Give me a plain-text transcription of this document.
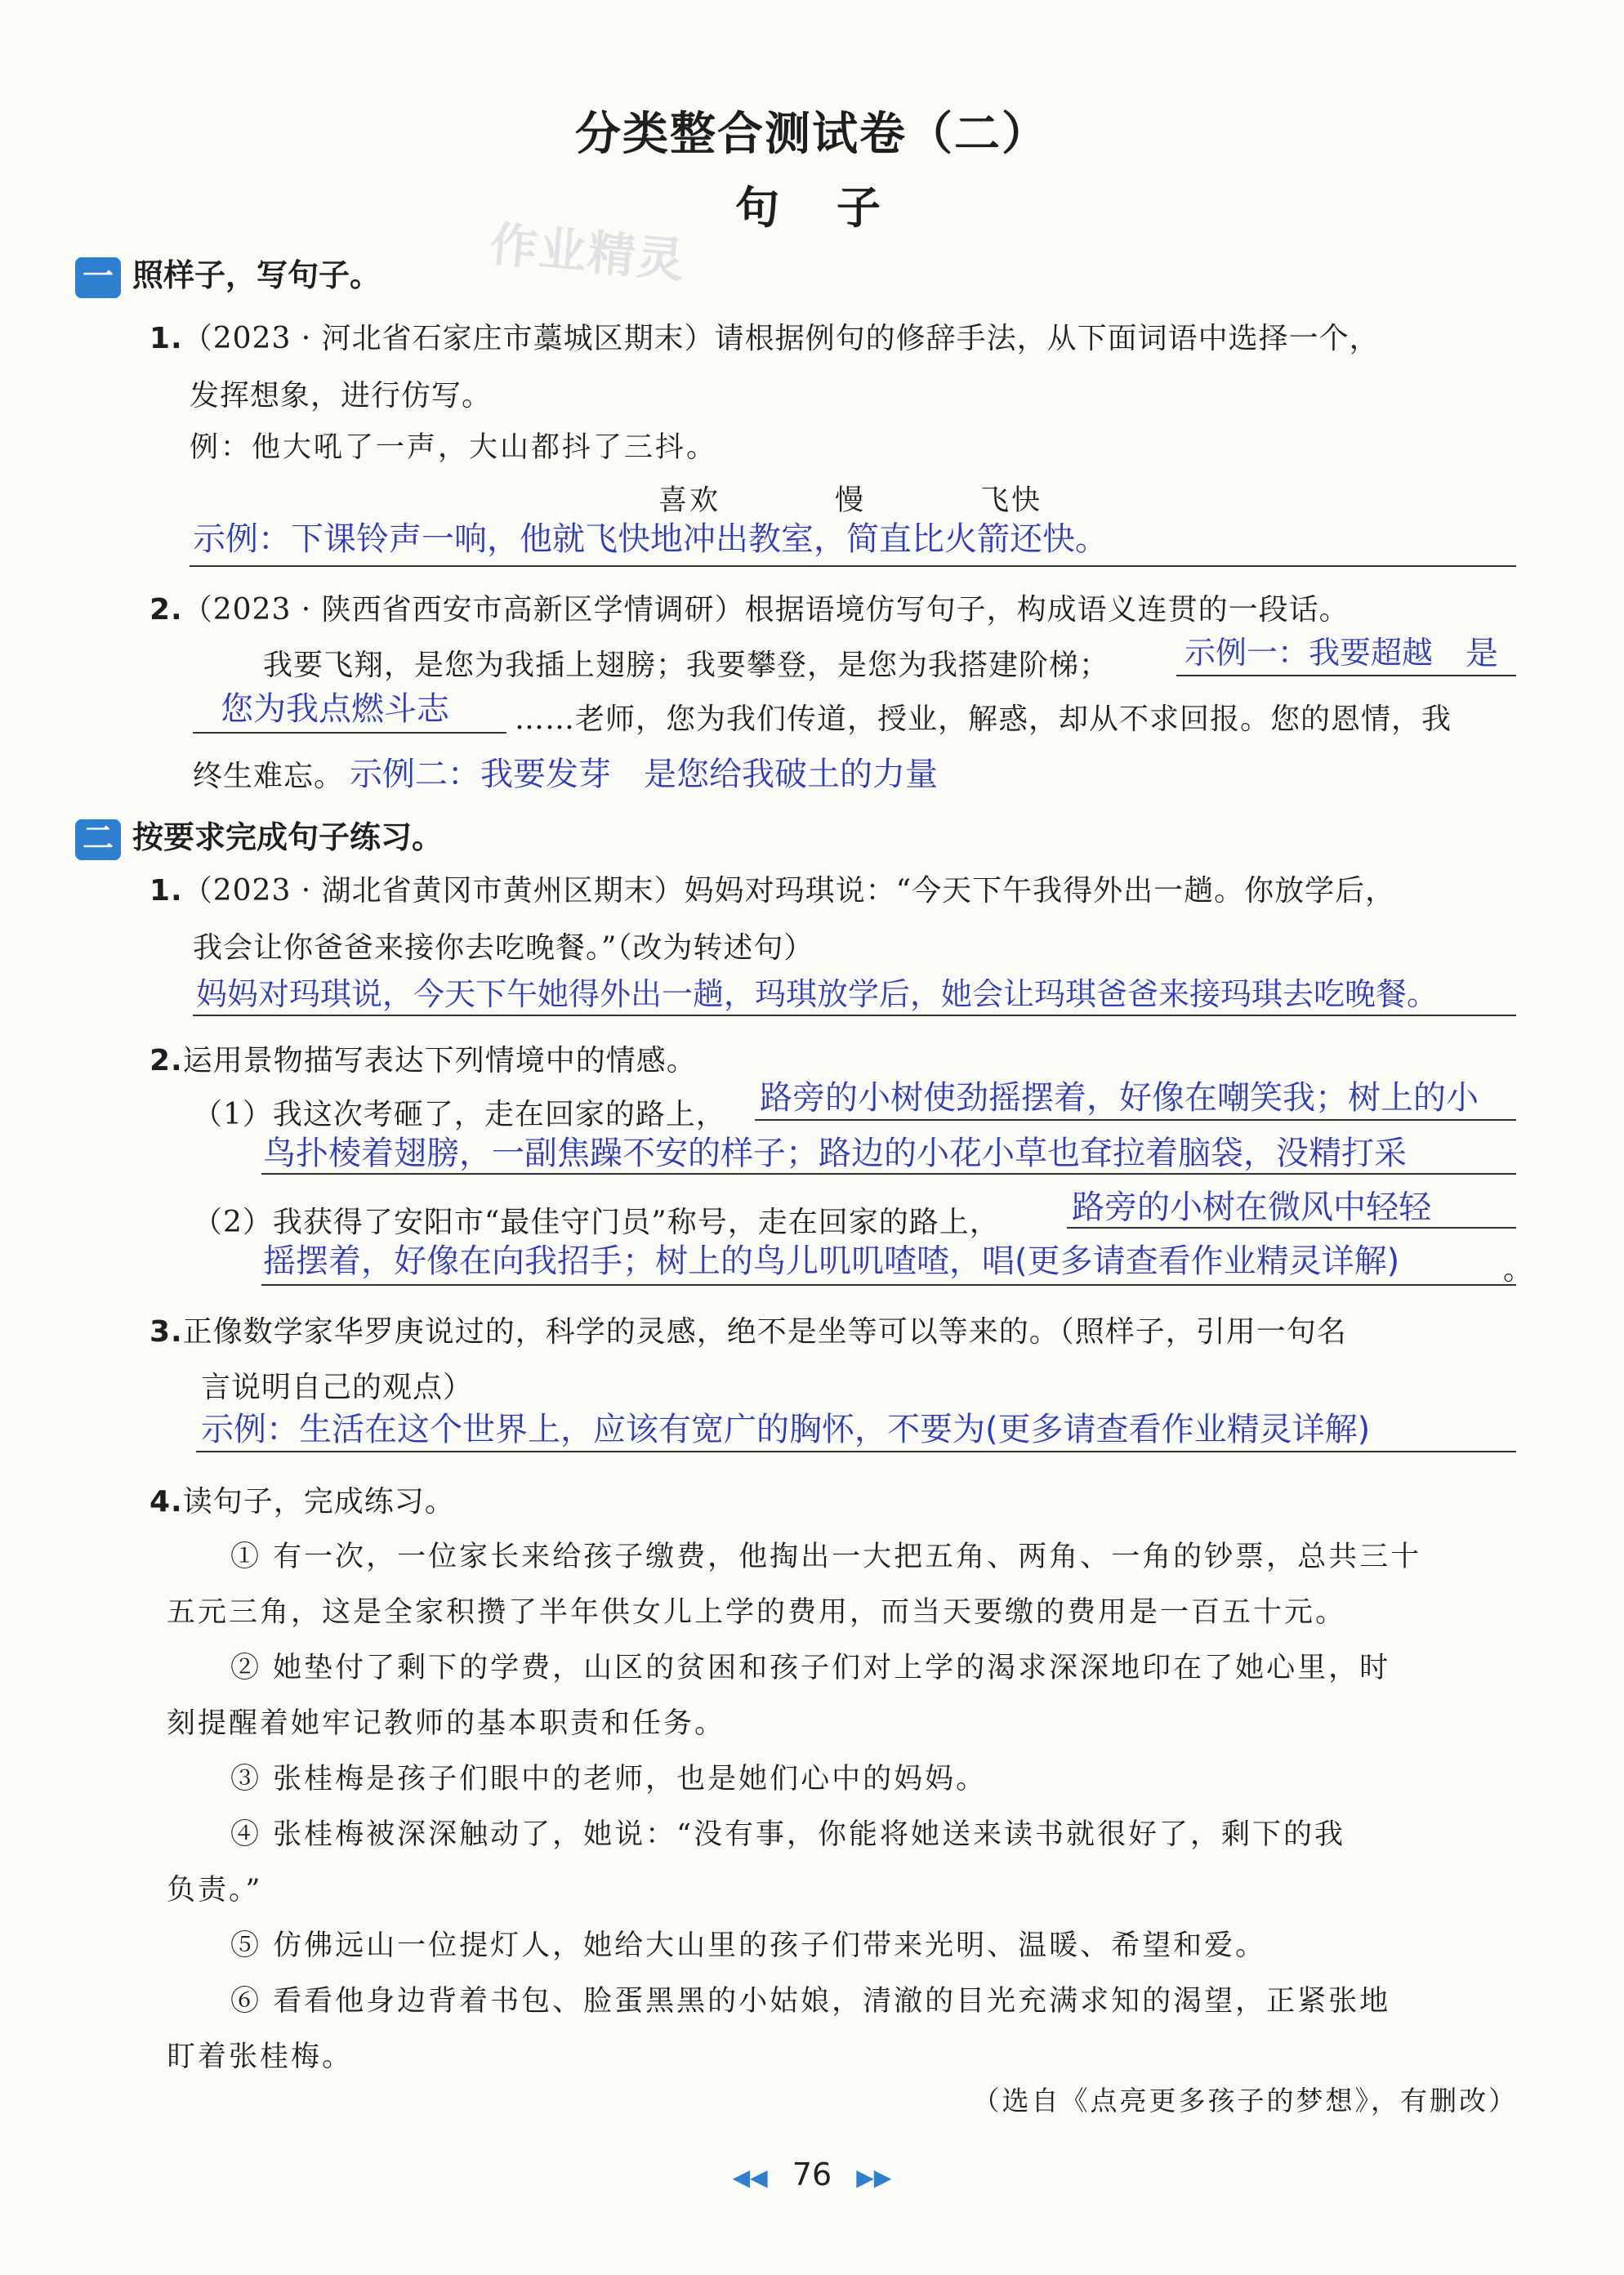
分类整合测试卷（二）
句子
作业精灵
一 照样子，写句子。
1.（2023 · 河北省石家庄市藁城区期末）请根据例句的修辞手法，从下面词语中选择一个，
发挥想象，进行仿写。
例：他大吼了一声，大山都抖了三抖。
喜欢	慢	飞快
示例：下课铃声一响，他就飞快地冲出教室，简直比火箭还快。
2.（2023 · 陕西省西安市高新区学情调研）根据语境仿写句子，构成语义连贯的一段话。
我要飞翔，是您为我插上翅膀；我要攀登，是您为我搭建阶梯； 示例一：我要超越 是
您为我点燃斗志 ……老师，您为我们传道，授业，解惑，却从不求回报。您的恩情，我
终生难忘。 示例二：我要发芽　是您给我破土的力量
二 按要求完成句子练习。
1.（2023 · 湖北省黄冈市黄州区期末）妈妈对玛琪说：“今天下午我得外出一趟。你放学后，
我会让你爸爸来接你去吃晚餐。”（改为转述句）
妈妈对玛琪说，今天下午她得外出一趟，玛琪放学后，她会让玛琪爸爸来接玛琪去吃晚餐。
2.运用景物描写表达下列情境中的情感。
（1）我这次考砸了，走在回家的路上， 路旁的小树使劲摇摆着，好像在嘲笑我；树上的小
鸟扑棱着翅膀，一副焦躁不安的样子；路边的小花小草也耷拉着脑袋，没精打采
（2）我获得了安阳市“最佳守门员”称号，走在回家的路上， 路旁的小树在微风中轻轻
摇摆着，好像在向我招手；树上的鸟儿叽叽喳喳，唱(更多请查看作业精灵详解)	。
3.正像数学家华罗庚说过的，科学的灵感，绝不是坐等可以等来的。（照样子，引用一句名
言说明自己的观点）
示例：生活在这个世界上，应该有宽广的胸怀，不要为(更多请查看作业精灵详解)
4.读句子，完成练习。
① 有一次，一位家长来给孩子缴费，他掏出一大把五角、两角、一角的钞票，总共三十
五元三角，这是全家积攒了半年供女儿上学的费用，而当天要缴的费用是一百五十元。
② 她垫付了剩下的学费，山区的贫困和孩子们对上学的渴求深深地印在了她心里，时
刻提醒着她牢记教师的基本职责和任务。
③ 张桂梅是孩子们眼中的老师，也是她们心中的妈妈。
④ 张桂梅被深深触动了，她说：“没有事，你能将她送来读书就很好了，剩下的我
负责。”
⑤ 仿佛远山一位提灯人，她给大山里的孩子们带来光明、温暖、希望和爱。
⑥ 看看他身边背着书包、脸蛋黑黑的小姑娘，清澈的目光充满求知的渴望，正紧张地
盯着张桂梅。
（选自《点亮更多孩子的梦想》，有删改）
◀◀ 76 ▶▶
